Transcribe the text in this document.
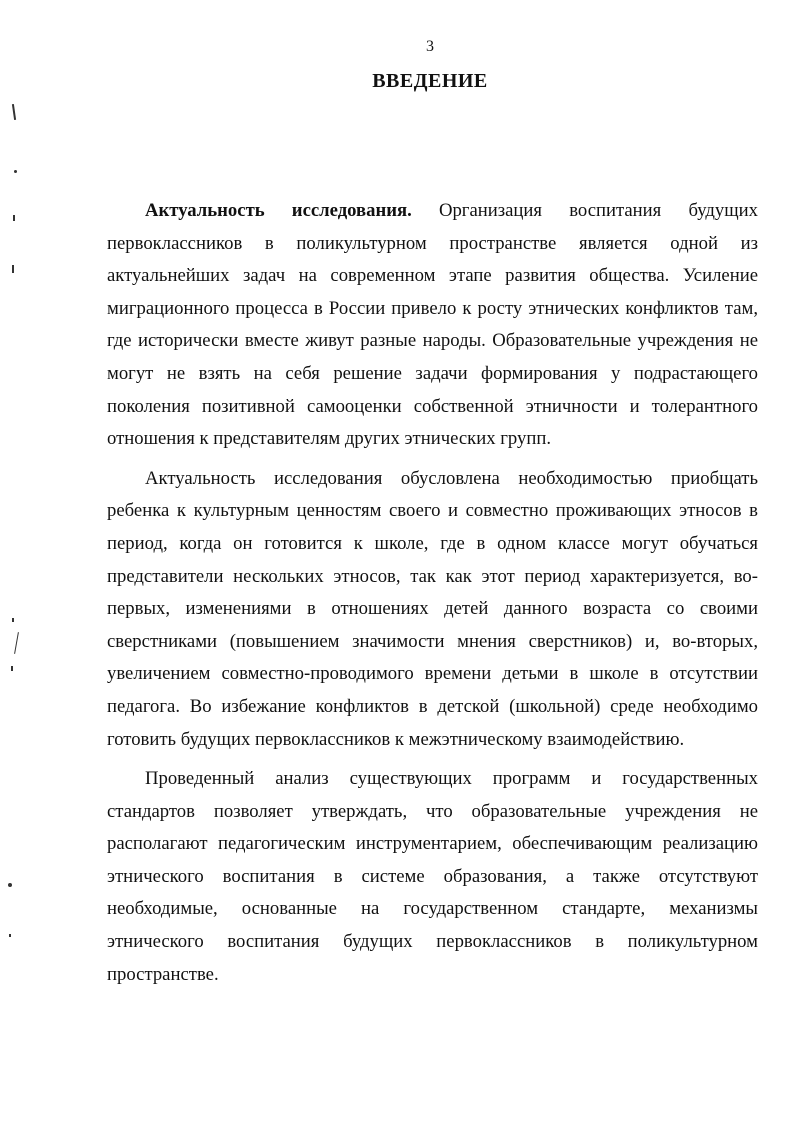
3
ВВЕДЕНИЕ

Актуальность исследования. Организация воспитания будущих первоклассников в поликультурном пространстве является одной из актуальнейших задач на современном этапе развития общества. Усиление миграционного процесса в России привело к росту этнических конфликтов там, где исторически вместе живут разные народы. Образовательные учреждения не могут не взять на себя решение задачи формирования у подрастающего поколения позитивной самооценки собственной этничности и толерантного отношения к представителям других этнических групп.

Актуальность исследования обусловлена необходимостью приобщать ребенка к культурным ценностям своего и совместно проживающих этносов в период, когда он готовится к школе, где в одном классе могут обучаться представители нескольких этносов, так как этот период характеризуется, во-первых, изменениями в отношениях детей данного возраста со своими сверстниками (повышением значимости мнения сверстников) и, во-вторых, увеличением совместно-проводимого времени детьми в школе в отсутствии педагога. Во избежание конфликтов в детской (школьной) среде необходимо готовить будущих первоклассников к межэтническому взаимодействию.

Проведенный анализ существующих программ и государственных стандартов позволяет утверждать, что образовательные учреждения не располагают педагогическим инструментарием, обеспечивающим реализацию этнического воспитания в системе образования, а также отсутствуют необходимые, основанные на государственном стандарте, механизмы этнического воспитания будущих первоклассников в поликультурном пространстве.
